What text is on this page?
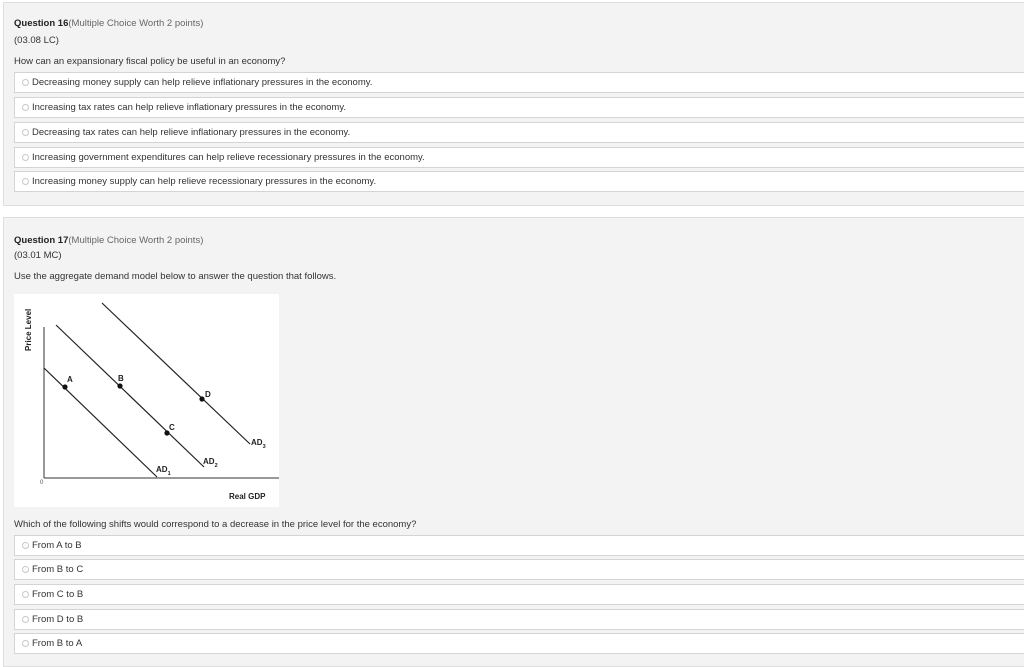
Question 16(Multiple Choice Worth 2 points)
(03.08 LC)
How can an expansionary fiscal policy be useful in an economy?
Decreasing money supply can help relieve inflationary pressures in the economy.
Increasing tax rates can help relieve inflationary pressures in the economy.
Decreasing tax rates can help relieve inflationary pressures in the economy.
Increasing government expenditures can help relieve recessionary pressures in the economy.
Increasing money supply can help relieve recessionary pressures in the economy.
Question 17(Multiple Choice Worth 2 points)
(03.01 MC)
Use the aggregate demand model below to answer the question that follows.
0
Price Level
Real GDP
A	B
C
D
$AD_1$
$AD_2$
$AD_3$
Which of the following shifts would correspond to a decrease in the price level for the economy?
From A to B
From B to C
From C to B
From D to B
From B to A
